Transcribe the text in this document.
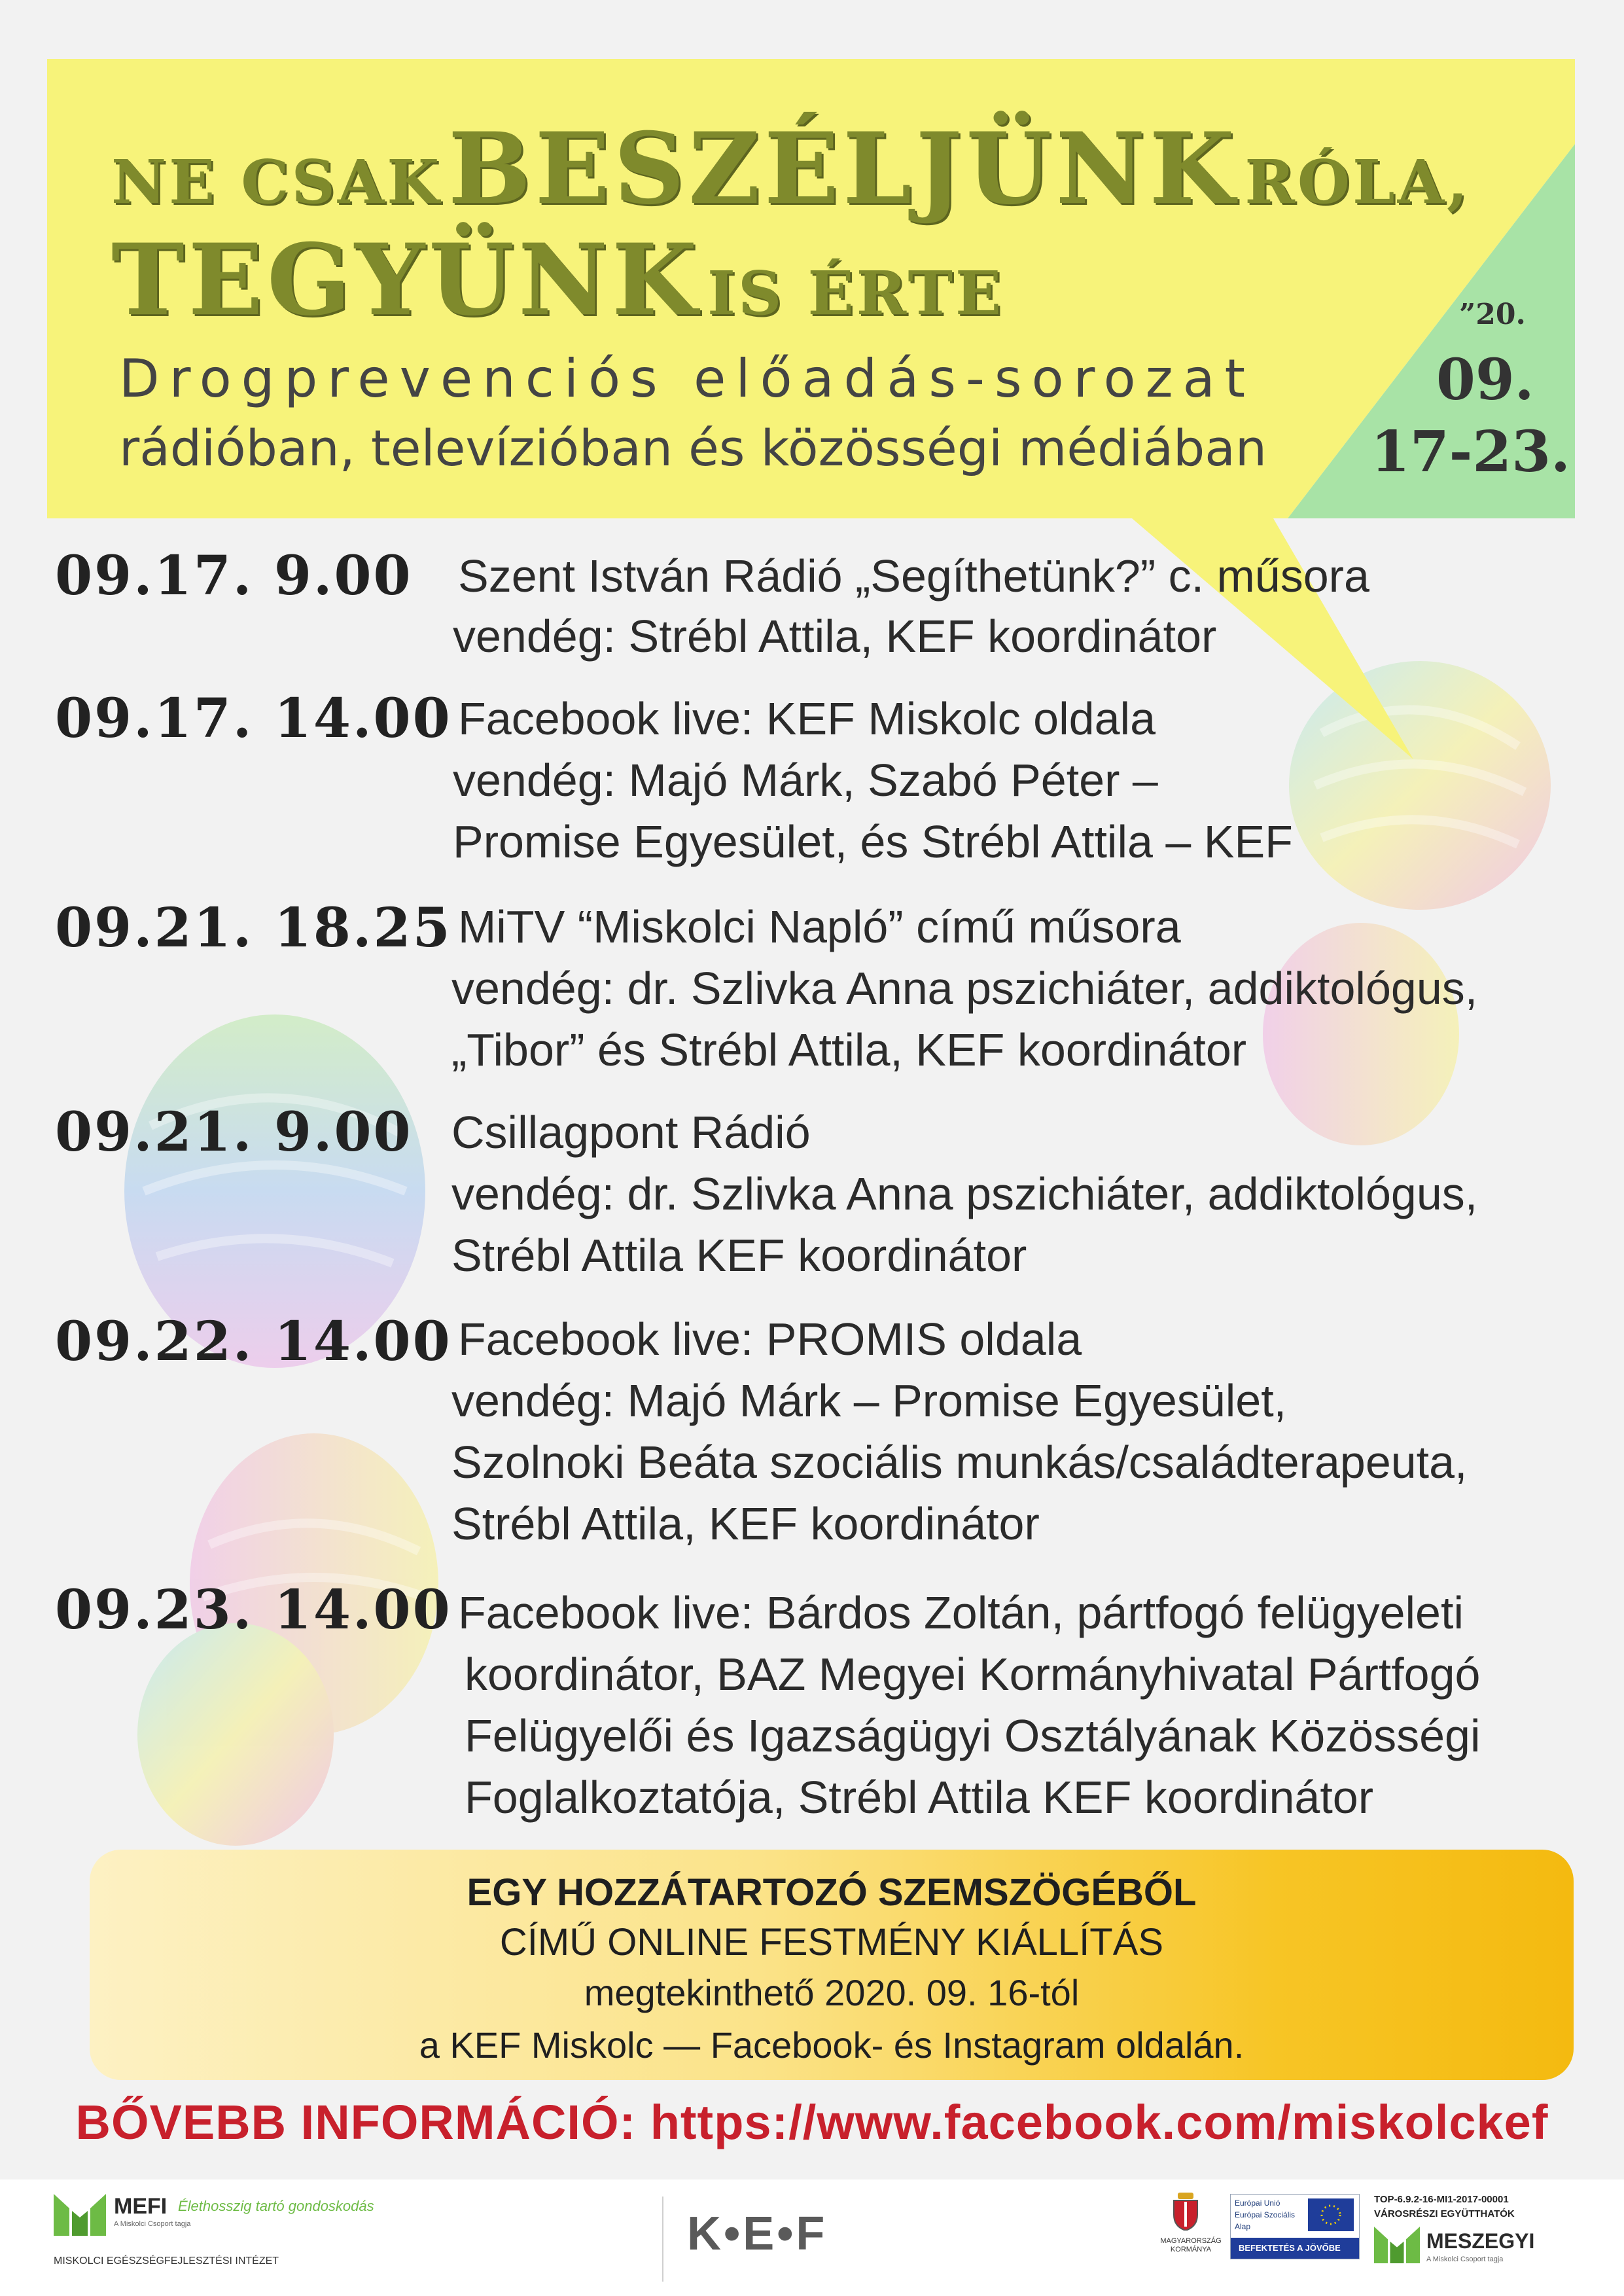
NE CSAK BESZÉLJÜNK RÓLA,
TEGYÜNK IS ÉRTE
Drogprevenciós előadás-sorozat
rádióban, televízióban és közösségi médiában
”20.
09.
17-23.
09.17. 9.00 Szent István Rádió „Segíthetünk?” c. műsora
vendég: Strébl Attila, KEF koordinátor
09.17. 14.00 Facebook live: KEF Miskolc oldala
vendég: Majó Márk, Szabó Péter –
Promise Egyesület, és Strébl Attila – KEF
09.21. 18.25 MiTV “Miskolci Napló” című műsora
vendég: dr. Szlivka Anna pszichiáter, addiktológus,
„Tibor” és Strébl Attila, KEF koordinátor
09.21. 9.00 Csillagpont Rádió
vendég: dr. Szlivka Anna pszichiáter, addiktológus,
Strébl Attila KEF koordinátor
09.22. 14.00 Facebook live: PROMIS oldala
vendég: Majó Márk – Promise Egyesület,
Szolnoki Beáta szociális munkás/családterapeuta,
Strébl Attila, KEF koordinátor
09.23. 14.00 Facebook live: Bárdos Zoltán, pártfogó felügyeleti
koordinátor, BAZ Megyei Kormányhivatal Pártfogó
Felügyelői és Igazságügyi Osztályának Közösségi
Foglalkoztatója, Strébl Attila KEF koordinátor
EGY HOZZÁTARTOZÓ SZEMSZÖGÉBŐL
CÍMŰ ONLINE FESTMÉNY KIÁLLÍTÁS
megtekinthető 2020. 09. 16-tól
a KEF Miskolc — Facebook- és Instagram oldalán.
BŐVEBB INFORMÁCIÓ: https://www.facebook.com/miskolckef
MEFI
A Miskolci Csoport tagja
Élethosszig tartó gondoskodás
MISKOLCI EGÉSZSÉGFEJLESZTÉSI INTÉZET
K•E•F	MAGYARORSZÁG KORMÁNYA
Európai Unió
Európai Szociális
Alap
BEFEKTETÉS A JÖVŐBE
TOP-6.9.2-16-MI1-2017-00001
VÁROSRÉSZI EGYÜTTHATÓK
MESZEGYI
A Miskolci Csoport tagja
